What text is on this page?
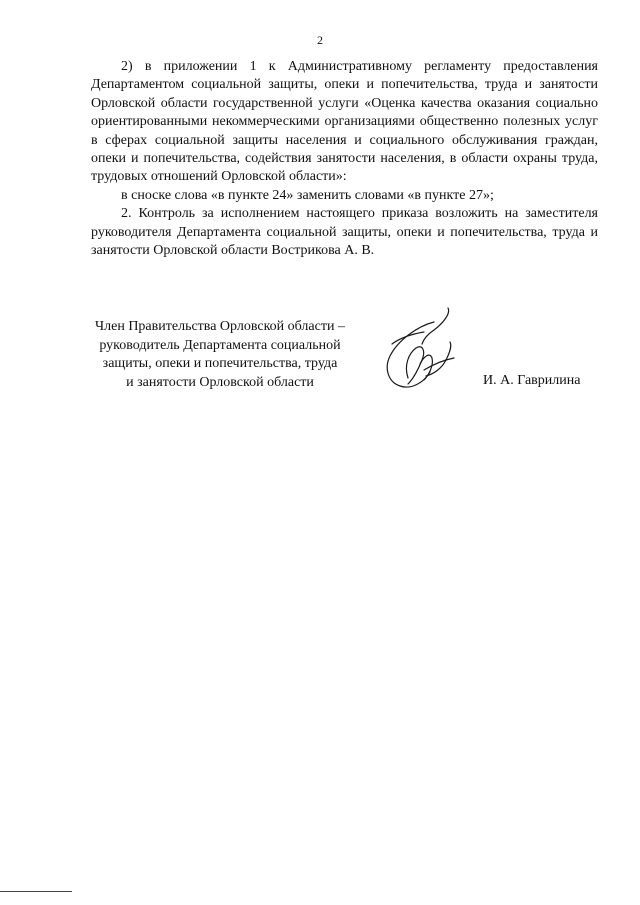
2

2) в приложении 1 к Административному регламенту предоставления Департаментом социальной защиты, опеки и попечительства, труда и занятости Орловской области государственной услуги «Оценка качества оказания социально ориентированными некоммерческими организациями общественно полезных услуг в сферах социальной защиты населения и социального обслуживания граждан, опеки и попечительства, содействия занятости населения, в области охраны труда, трудовых отношений Орловской области»:

в сноске слова «в пункте 24» заменить словами «в пункте 27»;

2. Контроль за исполнением настоящего приказа возложить на заместителя руководителя Департамента социальной защиты, опеки и попечительства, труда и занятости Орловской области Вострикова А. В.

Член Правительства Орловской области –
руководитель Департамента социальной
защиты, опеки и попечительства, труда
и занятости Орловской области	И. А. Гаврилина
